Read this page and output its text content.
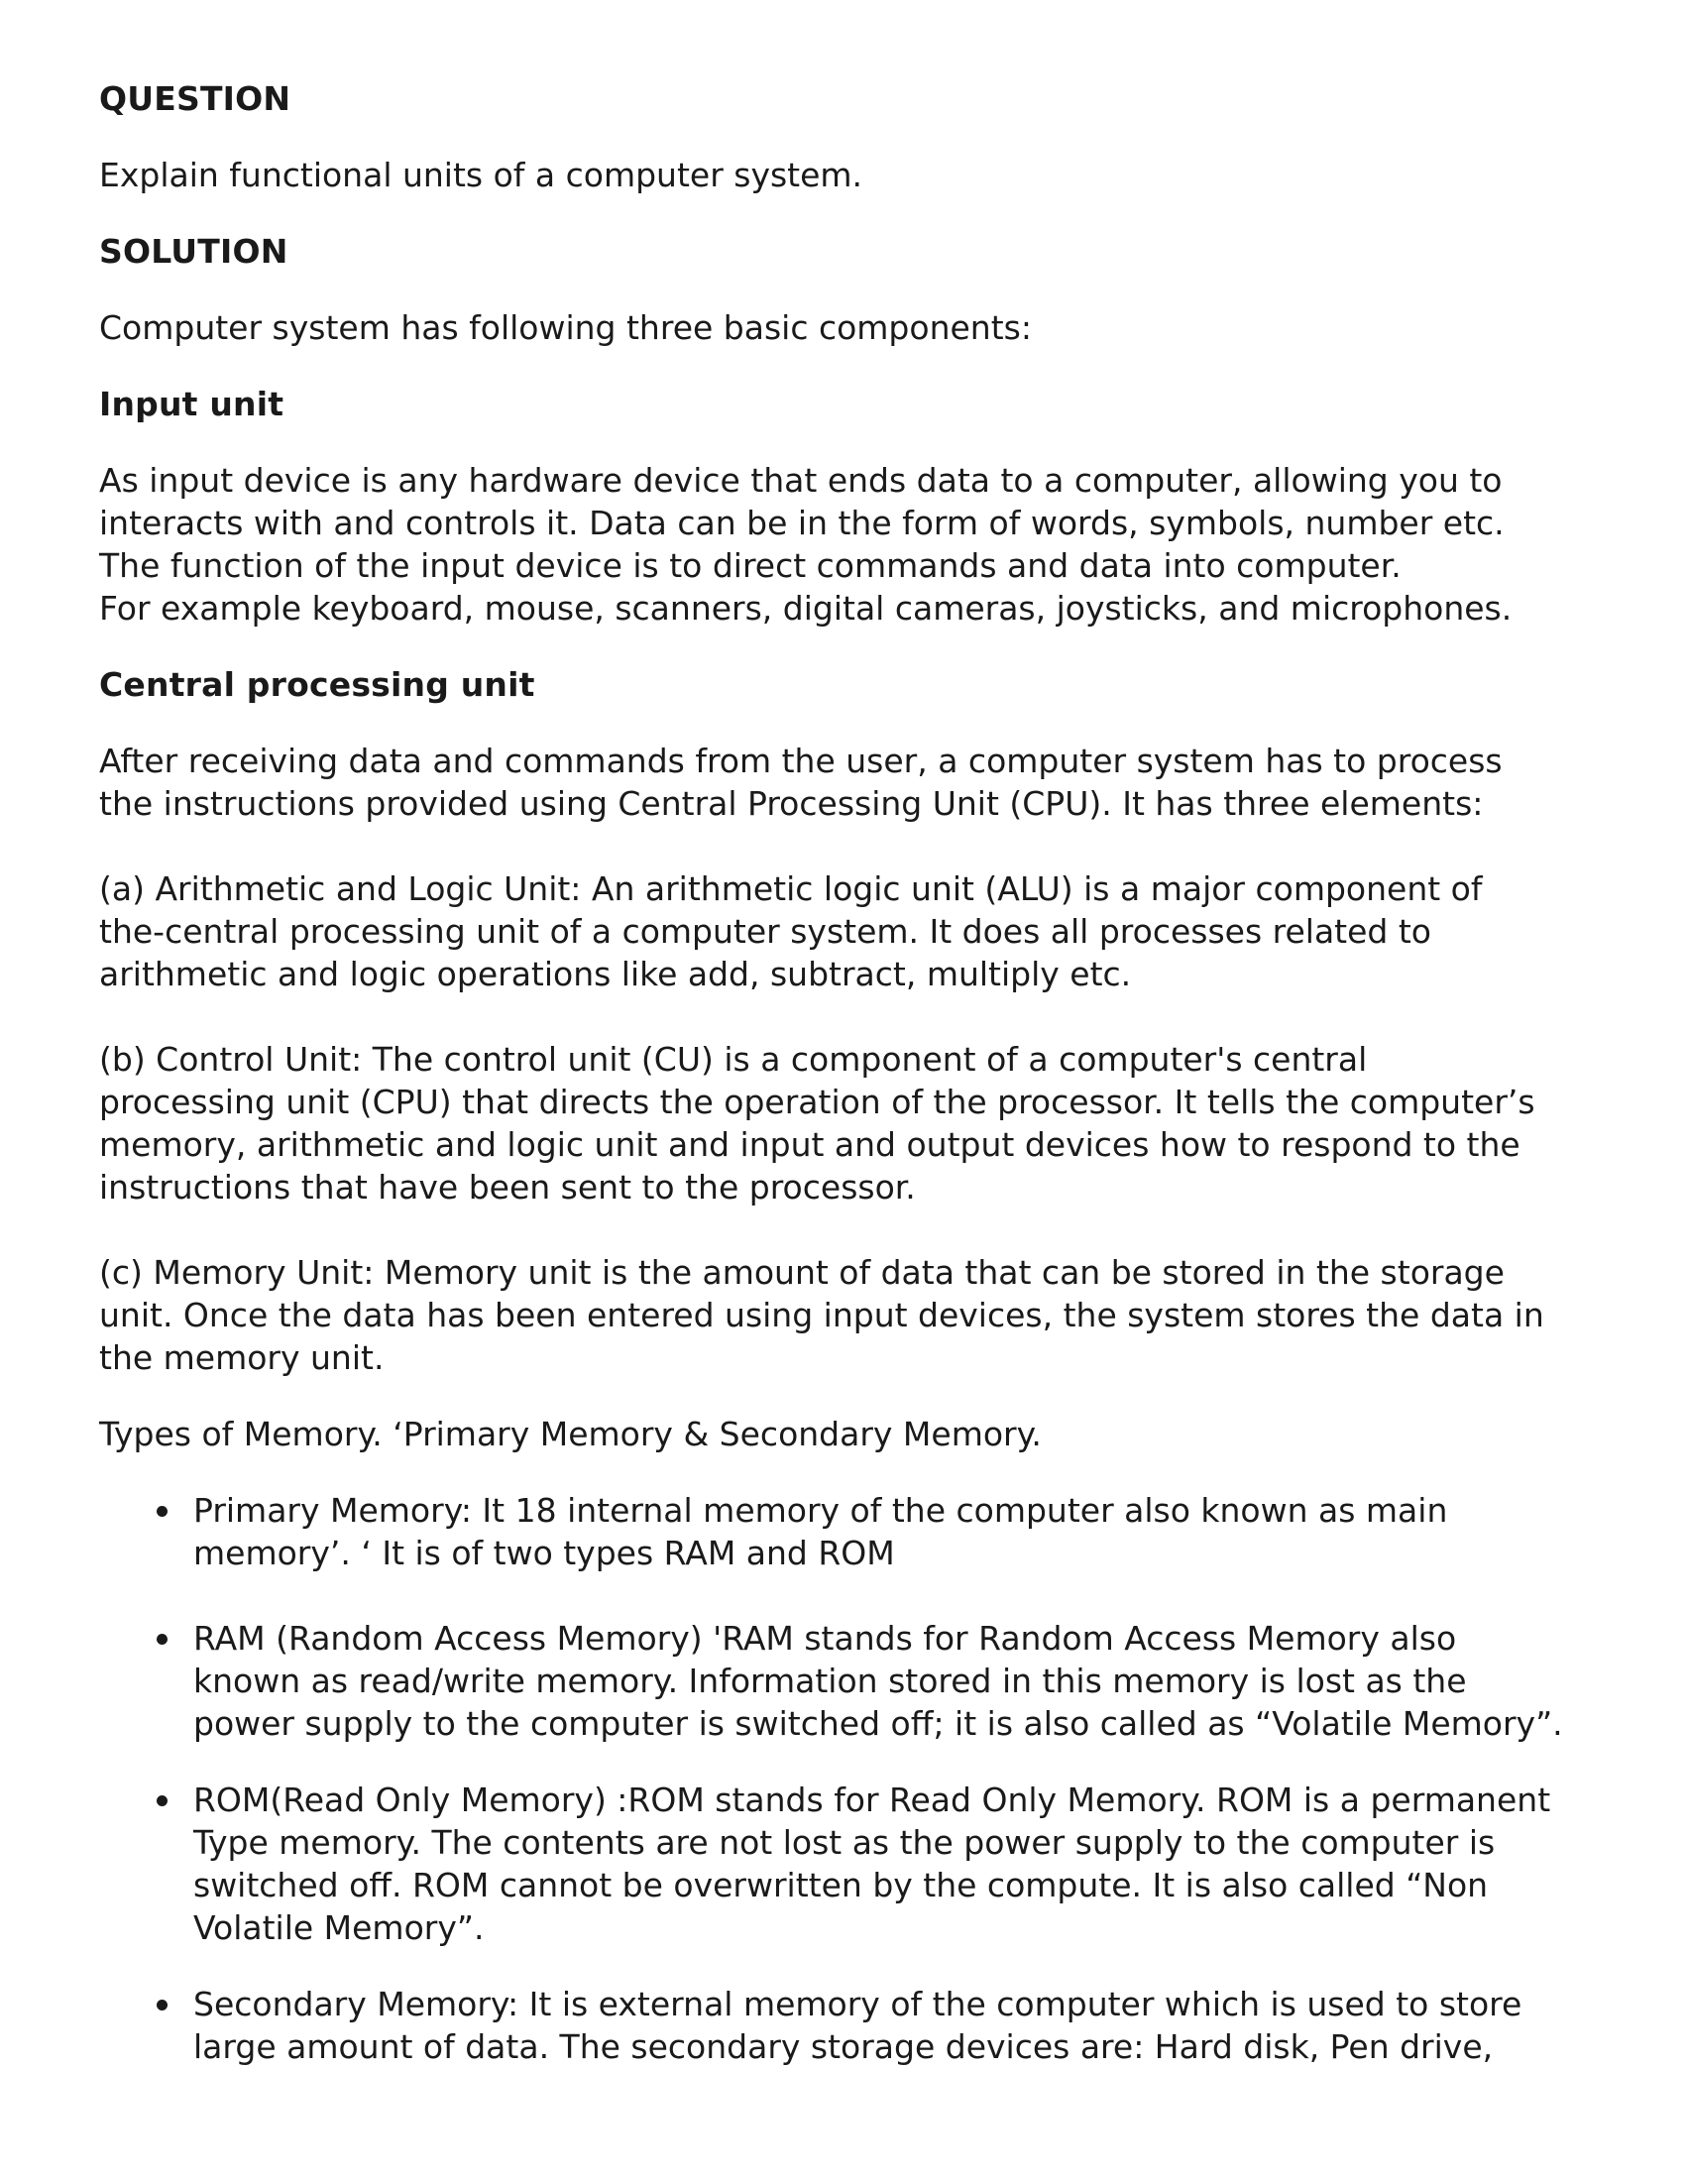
QUESTION
Explain functional units of a computer system.
SOLUTION
Computer system has following three basic components:
Input unit
As input device is any hardware device that ends data to a computer, allowing you to
interacts with and controls it. Data can be in the form of words, symbols, number etc.
The function of the input device is to direct commands and data into computer.
For example keyboard, mouse, scanners, digital cameras, joysticks, and microphones.
Central processing unit
After receiving data and commands from the user, a computer system has to process
the instructions provided using Central Processing Unit (CPU). It has three elements:
(a) Arithmetic and Logic Unit: An arithmetic logic unit (ALU) is a major component of
the-central processing unit of a computer system. It does all processes related to
arithmetic and logic operations like add, subtract, multiply etc.
(b) Control Unit: The control unit (CU) is a component of a computer's central
processing unit (CPU) that directs the operation of the processor. It tells the computer’s
memory, arithmetic and logic unit and input and output devices how to respond to the
instructions that have been sent to the processor.
(c) Memory Unit: Memory unit is the amount of data that can be stored in the storage
unit. Once the data has been entered using input devices, the system stores the data in
the memory unit.
Types of Memory. ‘Primary Memory & Secondary Memory.
Primary Memory: It 18 internal memory of the computer also known as main
memory’. ‘ It is of two types RAM and ROM
RAM (Random Access Memory) 'RAM stands for Random Access Memory also
known as read/write memory. Information stored in this memory is lost as the
power supply to the computer is switched off; it is also called as “Volatile Memory”.
ROM(Read Only Memory) :ROM stands for Read Only Memory. ROM is a permanent
Type memory. The contents are not lost as the power supply to the computer is
switched off. ROM cannot be overwritten by the compute. It is also called “Non
Volatile Memory”.
Secondary Memory: It is external memory of the computer which is used to store
large amount of data. The secondary storage devices are: Hard disk, Pen drive,
